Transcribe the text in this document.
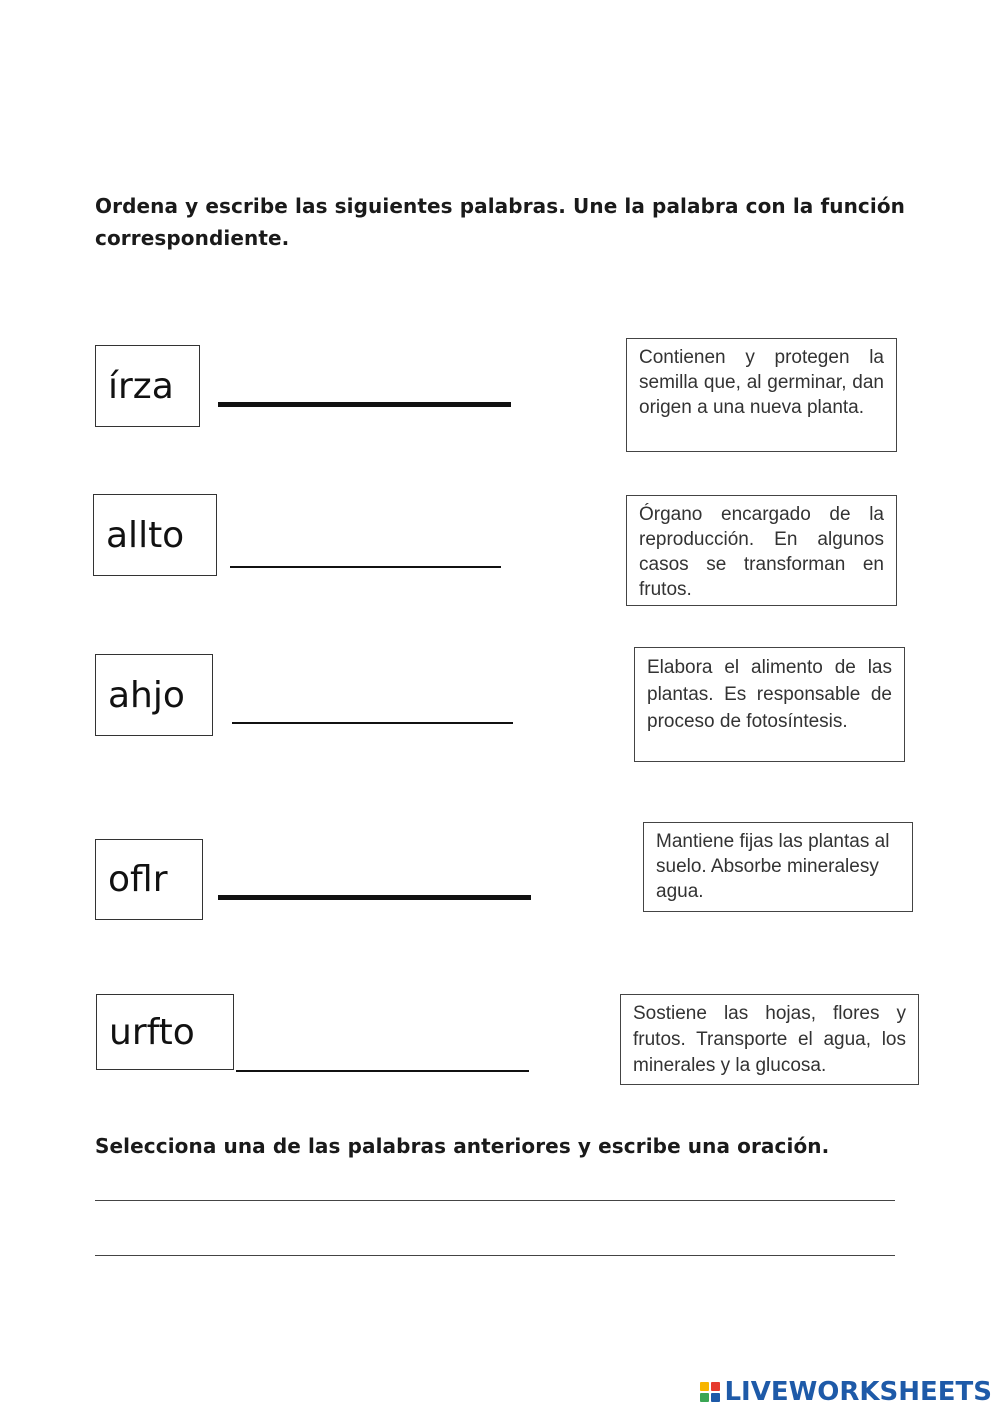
Ordena y escribe las siguientes palabras. Une la palabra con la función
correspondiente.
írza
Contienen y protegen la semilla que, al germinar, dan origen a una nueva planta.
allto	Órgano encargado de la reproducción. En algunos casos se transforman en frutos.
ahjo
Elabora el alimento de las plantas. Es responsable de proceso de fotosíntesis.
oflr
Mantiene fijas las plantas al suelo. Absorbe mineralesy agua.
urfto	Sostiene las hojas, flores y frutos. Transporte el agua, los minerales y la glucosa.
Selecciona una de las palabras anteriores y escribe una oración.
LIVEWORKSHEETS
